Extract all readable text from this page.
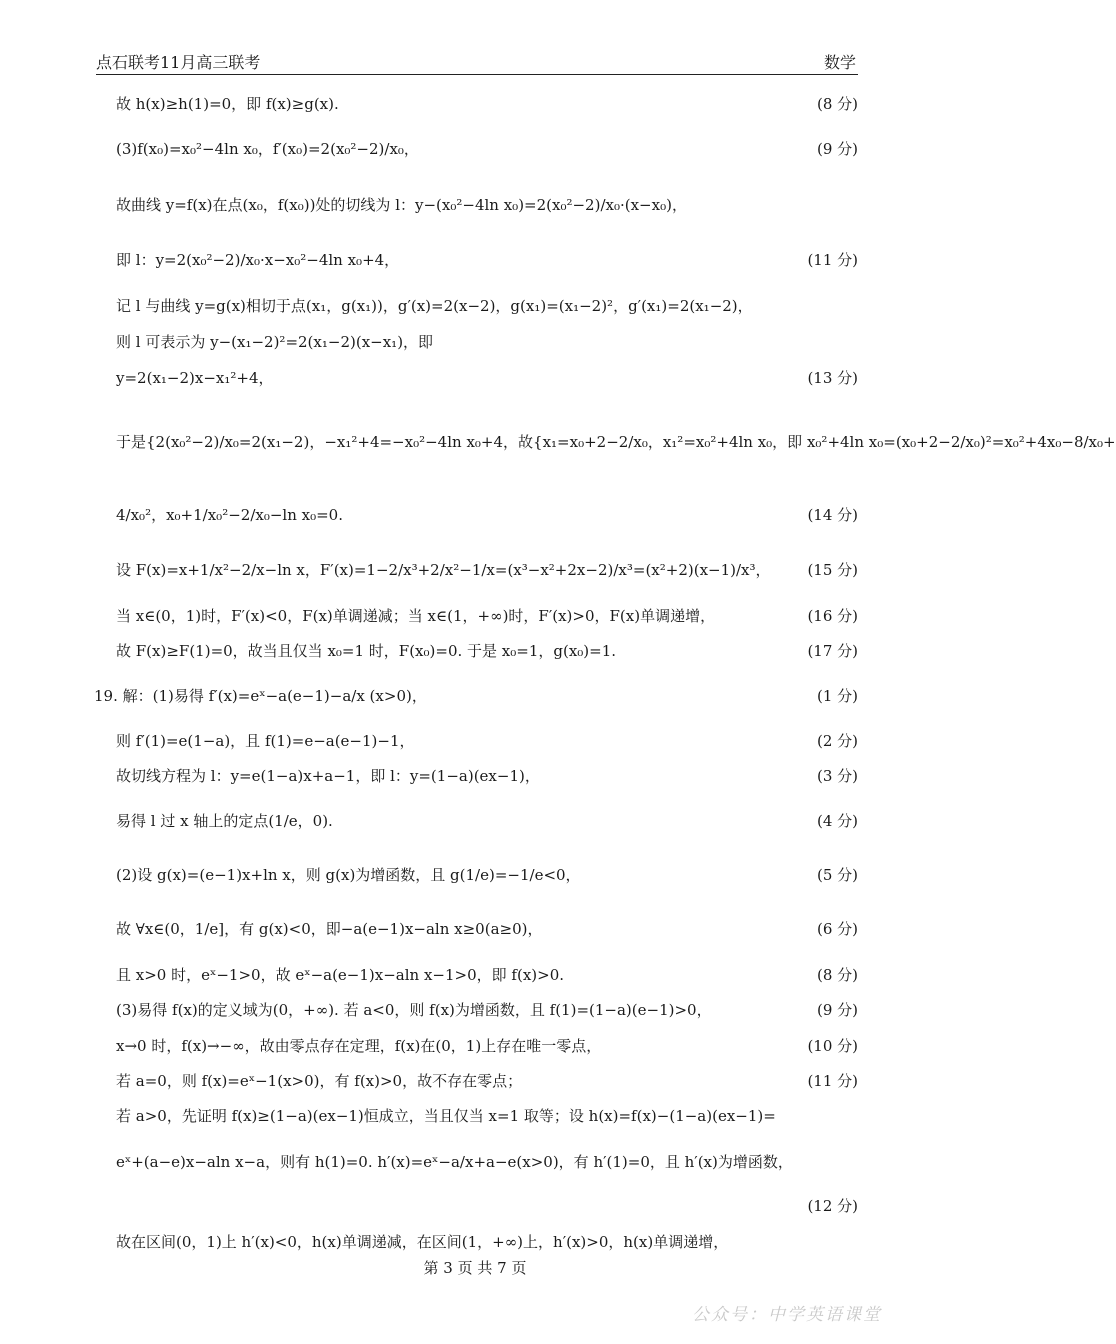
点石联考11月高三联考	数学
故 h(x)≥h(1)=0，即 f(x)≥g(x).	(8 分)
(3)f(x₀)=x₀²−4ln x₀，f′(x₀)=2(x₀²−2)/x₀，	(9 分)
故曲线 y=f(x)在点(x₀，f(x₀))处的切线为 l：y−(x₀²−4ln x₀)=2(x₀²−2)/x₀·(x−x₀)，
即 l：y=2(x₀²−2)/x₀·x−x₀²−4ln x₀+4，	(11 分)
记 l 与曲线 y=g(x)相切于点(x₁，g(x₁))，g′(x)=2(x−2)，g(x₁)=(x₁−2)²，g′(x₁)=2(x₁−2)，
则 l 可表示为 y−(x₁−2)²=2(x₁−2)(x−x₁)，即
y=2(x₁−2)x−x₁²+4，	(13 分)
于是{2(x₀²−2)/x₀=2(x₁−2)，−x₁²+4=−x₀²−4ln x₀+4，故{x₁=x₀+2−2/x₀，x₁²=x₀²+4ln x₀，即 x₀²+4ln x₀=(x₀+2−2/x₀)²=x₀²+4x₀−8/x₀+
4/x₀²，x₀+1/x₀²−2/x₀−ln x₀=0.	(14 分)
设 F(x)=x+1/x²−2/x−ln x，F′(x)=1−2/x³+2/x²−1/x=(x³−x²+2x−2)/x³=(x²+2)(x−1)/x³， (15 分)
当 x∈(0，1)时，F′(x)<0，F(x)单调递减；当 x∈(1，+∞)时，F′(x)>0，F(x)单调递增，	(16 分)
故 F(x)≥F(1)=0，故当且仅当 x₀=1 时，F(x₀)=0. 于是 x₀=1，g(x₀)=1.	(17 分)
19. 解：(1)易得 f′(x)=eˣ−a(e−1)−a/x (x>0)，	(1 分)
则 f′(1)=e(1−a)，且 f(1)=e−a(e−1)−1，	(2 分)
故切线方程为 l：y=e(1−a)x+a−1，即 l：y=(1−a)(ex−1)，	(3 分)
易得 l 过 x 轴上的定点(1/e，0).	(4 分)
(2)设 g(x)=(e−1)x+ln x，则 g(x)为增函数，且 g(1/e)=−1/e<0，	(5 分)
故 ∀x∈(0，1/e]，有 g(x)<0，即−a(e−1)x−aln x≥0(a≥0)，	(6 分)
且 x>0 时，eˣ−1>0，故 eˣ−a(e−1)x−aln x−1>0，即 f(x)>0.	(8 分)
(3)易得 f(x)的定义域为(0，+∞). 若 a<0，则 f(x)为增函数，且 f(1)=(1−a)(e−1)>0，	(9 分)
x→0 时，f(x)→−∞，故由零点存在定理，f(x)在(0，1)上存在唯一零点，	(10 分)
若 a=0，则 f(x)=eˣ−1(x>0)，有 f(x)>0，故不存在零点；	(11 分)
若 a>0，先证明 f(x)≥(1−a)(ex−1)恒成立，当且仅当 x=1 取等；设 h(x)=f(x)−(1−a)(ex−1)=
eˣ+(a−e)x−aln x−a，则有 h(1)=0. h′(x)=eˣ−a/x+a−e(x>0)，有 h′(1)=0，且 h′(x)为增函数，
(12 分)
故在区间(0，1)上 h′(x)<0，h(x)单调递减，在区间(1，+∞)上，h′(x)>0，h(x)单调递增，
第 3 页 共 7 页
公众号：中学英语课堂
